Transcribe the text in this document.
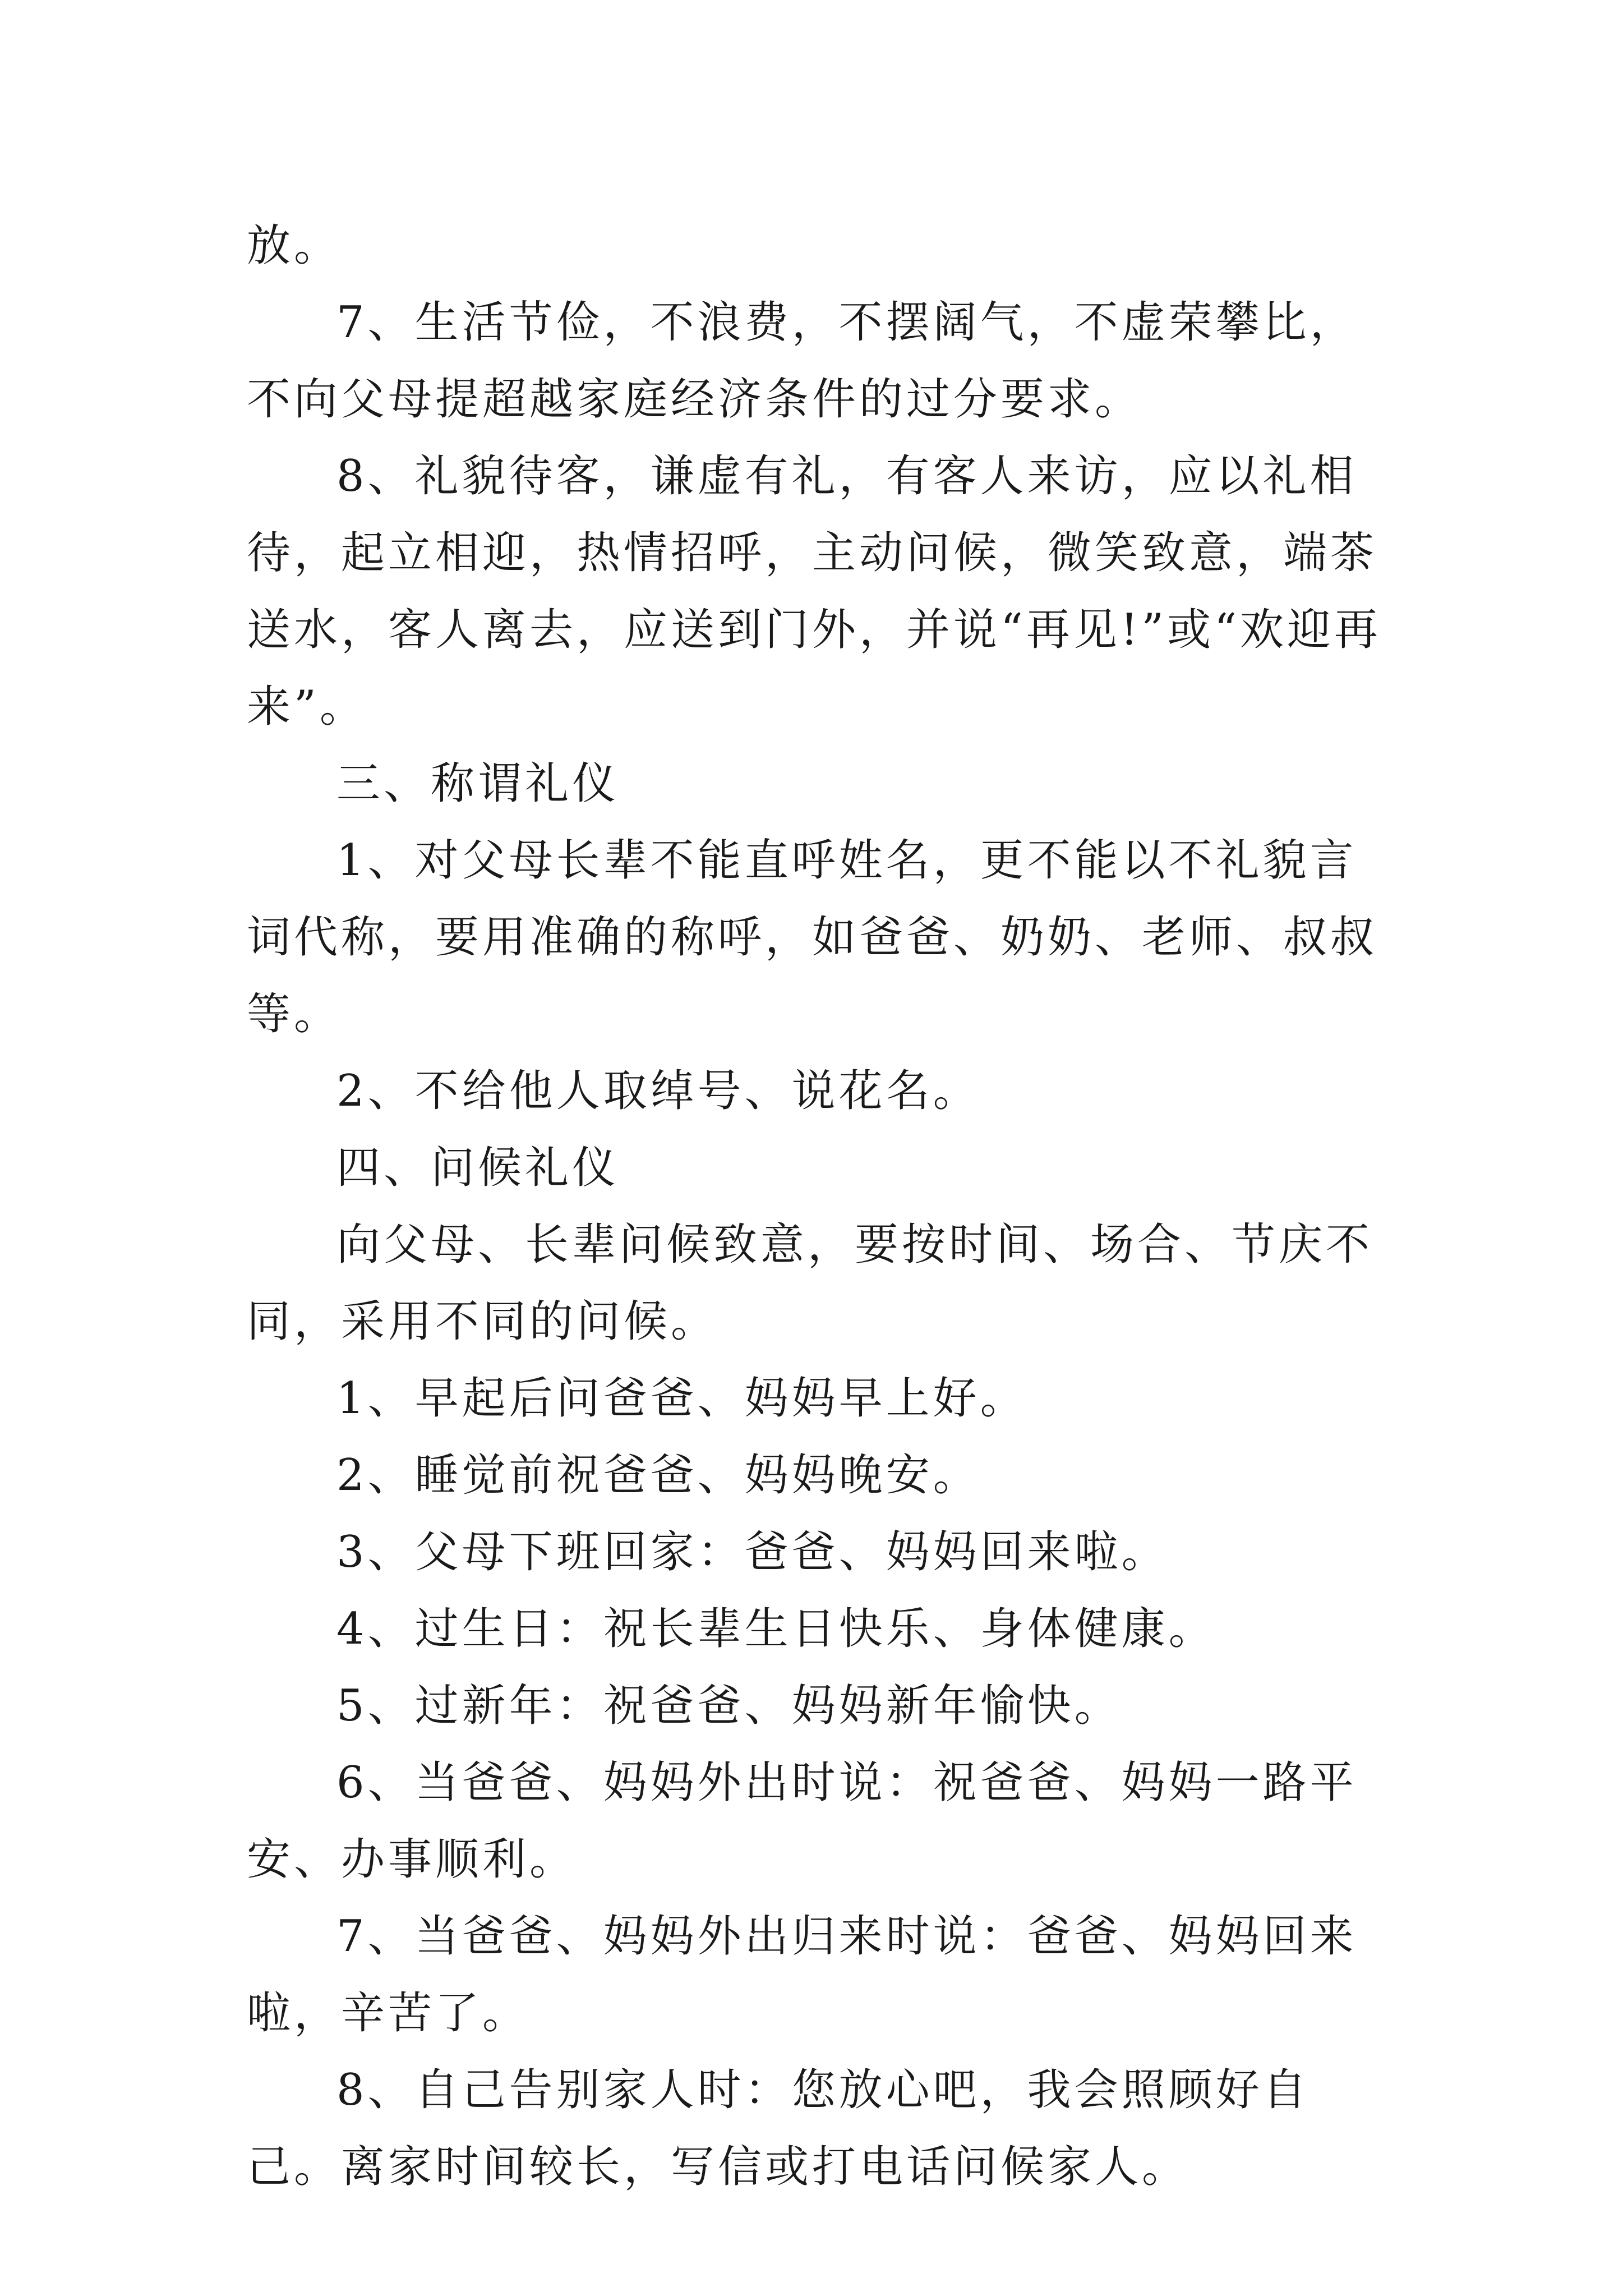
放。

7、生活节俭，不浪费，不摆阔气，不虚荣攀比，不向父母提超越家庭经济条件的过分要求。

8、礼貌待客，谦虚有礼，有客人来访，应以礼相待，起立相迎，热情招呼，主动问候，微笑致意，端茶送水，客人离去，应送到门外，并说“再见!”或“欢迎再来”。

三、称谓礼仪

1、对父母长辈不能直呼姓名，更不能以不礼貌言词代称，要用准确的称呼，如爸爸、奶奶、老师、叔叔等。

2、不给他人取绰号、说花名。

四、问候礼仪

向父母、长辈问候致意，要按时间、场合、节庆不同，采用不同的问候。

1、早起后问爸爸、妈妈早上好。

2、睡觉前祝爸爸、妈妈晚安。

3、父母下班回家：爸爸、妈妈回来啦。

4、过生日：祝长辈生日快乐、身体健康。

5、过新年：祝爸爸、妈妈新年愉快。

6、当爸爸、妈妈外出时说：祝爸爸、妈妈一路平安、办事顺利。

7、当爸爸、妈妈外出归来时说：爸爸、妈妈回来啦，辛苦了。

8、自己告别家人时：您放心吧，我会照顾好自己。离家时间较长，写信或打电话问候家人。
